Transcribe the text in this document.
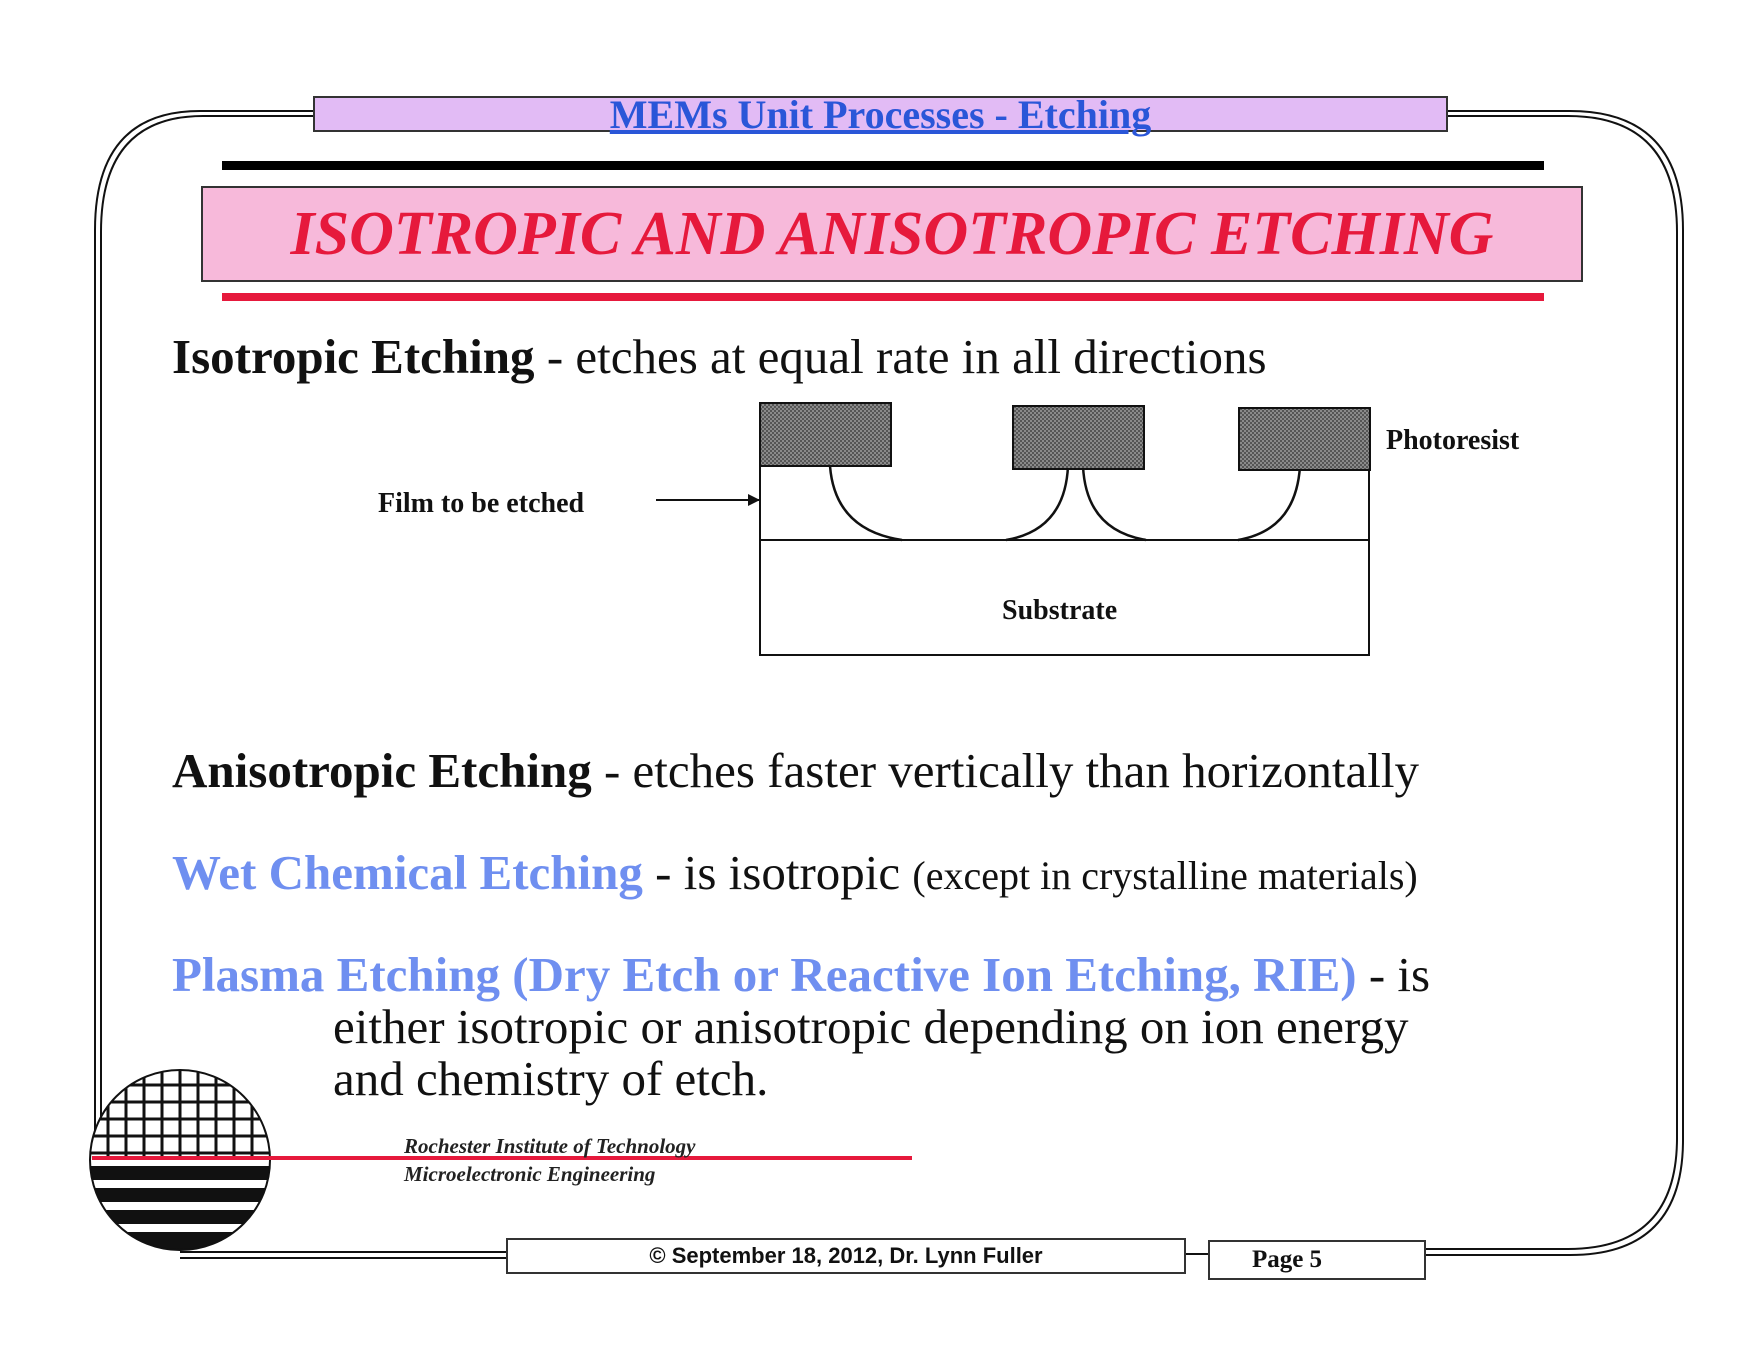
MEMs Unit Processes - Etching
ISOTROPIC AND ANISOTROPIC ETCHING
Isotropic Etching - etches at equal rate in all directions
Film to be etched
Photoresist
Substrate
Anisotropic Etching - etches faster vertically than horizontally
Wet Chemical Etching - is isotropic (except in crystalline materials)
Plasma Etching (Dry Etch or Reactive Ion Etching, RIE) - is
either isotropic or anisotropic depending on ion energy
and chemistry of etch.
Rochester Institute of Technology
Microelectronic Engineering
© September 18, 2012, Dr. Lynn Fuller	Page 5
